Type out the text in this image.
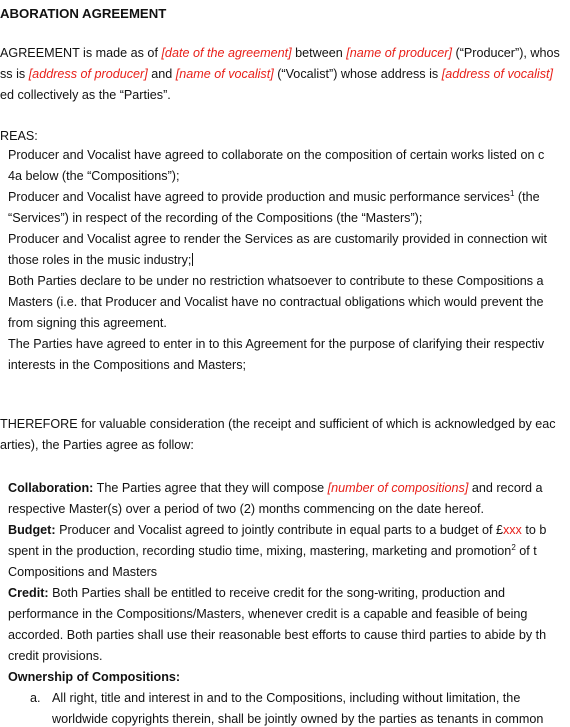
ABORATION AGREEMENT
AGREEMENT is made as of [date of the agreement] between [name of producer] (“Producer”), whos
ss is [address of producer] and [name of vocalist] (“Vocalist”) whose address is [address of vocalist]
ed collectively as the “Parties”.
REAS:
Producer and Vocalist have agreed to collaborate on the composition of certain works listed on c
4a below (the “Compositions”);
Producer and Vocalist have agreed to provide production and music performance services$^1$ (the
“Services”) in respect of the recording of the Compositions (the “Masters”);
Producer and Vocalist agree to render the Services as are customarily provided in connection wit
those roles in the music industry;
Both Parties declare to be under no restriction whatsoever to contribute to these Compositions a
Masters (i.e. that Producer and Vocalist have no contractual obligations which would prevent the
from signing this agreement.
The Parties have agreed to enter in to this Agreement for the purpose of clarifying their respectiv
interests in the Compositions and Masters;
THEREFORE for valuable consideration (the receipt and sufficient of which is acknowledged by eac
arties), the Parties agree as follow:
Collaboration: The Parties agree that they will compose [number of compositions] and record a
respective Master(s) over a period of two (2) months commencing on the date hereof.
Budget: Producer and Vocalist agreed to jointly contribute in equal parts to a budget of £xxx to b
spent in the production, recording studio time, mixing, mastering, marketing and promotion$^2$ of t
Compositions and Masters
Credit: Both Parties shall be entitled to receive credit for the song-writing, production and
performance in the Compositions/Masters, whenever credit is a capable and feasible of being
accorded. Both parties shall use their reasonable best efforts to cause third parties to abide by th
credit provisions.
Ownership of Compositions:
a. All right, title and interest in and to the Compositions, including without limitation, the
worldwide copyrights therein, shall be jointly owned by the parties as tenants in common
